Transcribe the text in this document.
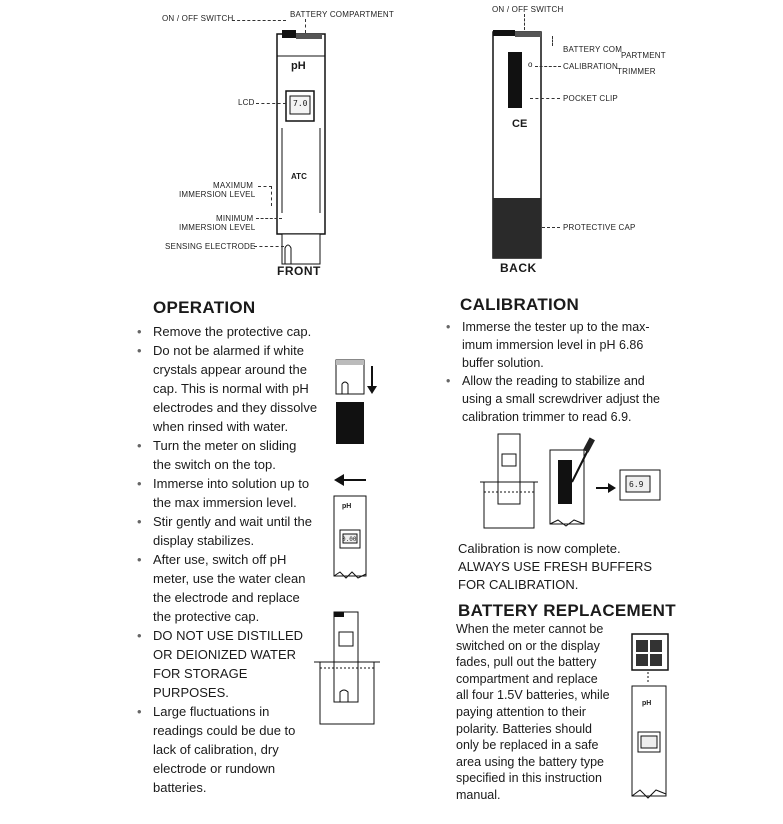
pH
7.0
ATC
ON / OFF SWITCH	BATTERY COMPARTMENT
LCD
MAXIMUM
IMMERSION LEVEL
MINIMUM
IMMERSION LEVEL
SENSING ELECTRODE
FRONT
CE
ON / OFF SWITCH
BATTERY COM
PARTMENT
CALIBRATION
TRIMMER
o
POCKET CLIP
PROTECTIVE CAP
BACK
OPERATION
• Remove the protective cap.
• Do not be alarmed if white
crystals appear around the
cap. This is normal with pH
electrodes and they dissolve
when rinsed with water.
• Turn the meter on sliding
the switch on the top.
• Immerse into solution up to
the max immersion level.
• Stir gently and wait until the
display stabilizes.
• After use, switch off pH
meter, use the water clean
the electrode and replace
the protective cap.
• DO NOT USE DISTILLED
OR DEIONIZED WATER
FOR STORAGE
PURPOSES.
• Large fluctuations in
readings could be due to
lack of calibration, dry
electrode or rundown
batteries.
pH
0.00
CALIBRATION
• Immerse the tester up to the max-
imum immersion level in pH 6.86
buffer solution.
• Allow the reading to stabilize and
using a small screwdriver adjust the
calibration trimmer to read 6.9.
6.9
Calibration is now complete.
ALWAYS USE FRESH BUFFERS
FOR CALIBRATION.
BATTERY REPLACEMENT
When the meter cannot be
switched on or the display
fades, pull out the battery
compartment and replace
all four 1.5V batteries, while
paying attention to their
polarity. Batteries should
only be replaced in a safe
area using the battery type
specified in this instruction
manual.
pH
